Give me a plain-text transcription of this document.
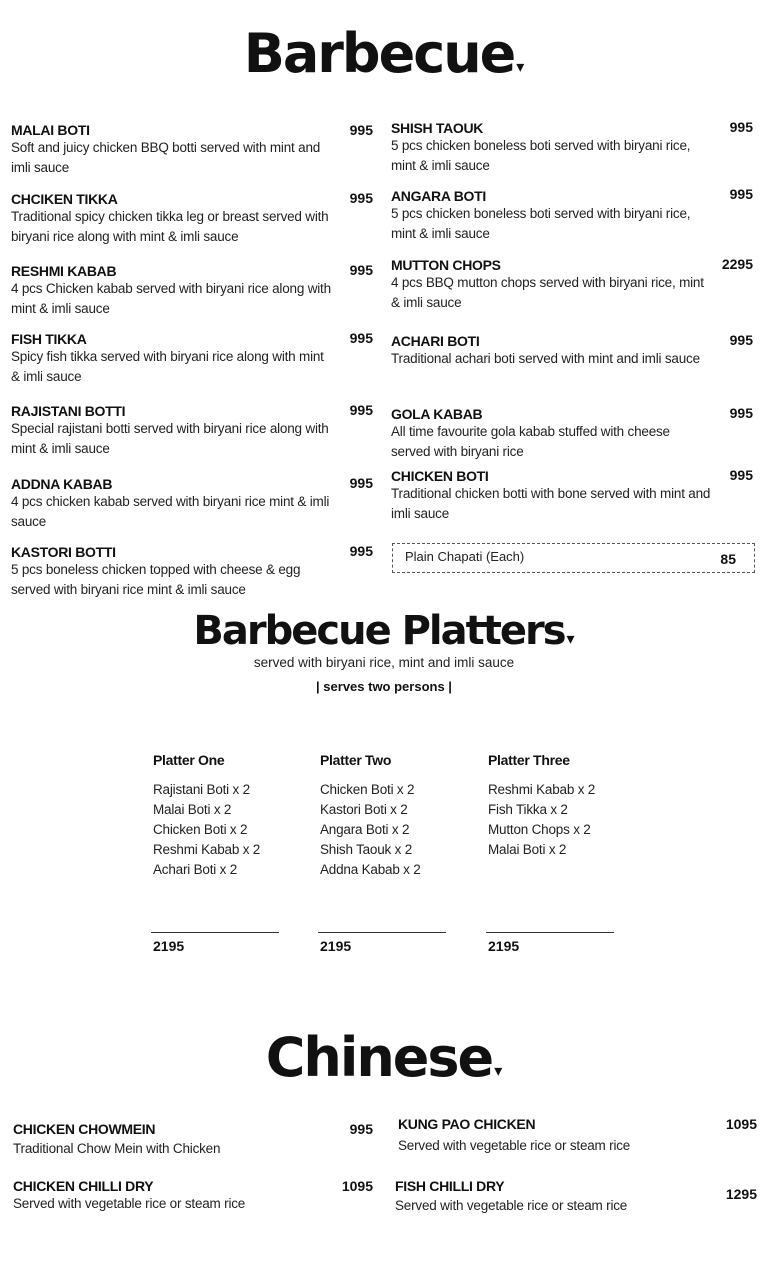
Barbecue ▾
MALAI BOTI
Soft and juicy chicken BBQ botti served with mint and imli sauce
995
CHCIKEN TIKKA
Traditional spicy chicken tikka leg or breast served with biryani rice along with mint & imli sauce
995
RESHMI KABAB
4 pcs Chicken kabab served with biryani rice along with mint & imli sauce
995
FISH TIKKA
Spicy fish tikka served with biryani rice along with mint & imli sauce
995
RAJISTANI BOTTI
Special rajistani botti served with biryani rice along with mint & imli sauce
995
ADDNA KABAB
4 pcs chicken kabab served with biryani rice mint & imli sauce
995
KASTORI BOTTI
5 pcs boneless chicken topped with cheese & egg served with biryani rice mint & imli sauce
995
SHISH TAOUK
5 pcs chicken boneless boti served with biryani rice, mint & imli sauce
995
ANGARA BOTI
5 pcs chicken boneless boti served with biryani rice, mint & imli sauce
995
MUTTON CHOPS
4 pcs BBQ mutton chops served with biryani rice, mint & imli sauce
2295
ACHARI BOTI
Traditional achari boti served with mint and imli sauce
995
GOLA KABAB
All time favourite gola kabab stuffed with cheese served with biryani rice
995
CHICKEN BOTI
Traditional chicken botti with bone served with mint and imli sauce
995
Plain Chapati (Each)	85
Barbecue Platters ▾
served with biryani rice, mint and imli sauce
| serves two persons |
Platter One
Rajistani Boti x 2
Malai Boti x 2
Chicken Boti x 2
Reshmi Kabab x 2
Achari Boti x 2
2195
Platter Two
Chicken Boti x 2
Kastori Boti x 2
Angara Boti x 2
Shish Taouk x 2
Addna Kabab x 2
2195
Platter Three
Reshmi Kabab x 2
Fish Tikka x 2
Mutton Chops x 2
Malai Boti x 2
2195
Chinese ▾
CHICKEN CHOWMEIN
Traditional Chow Mein with Chicken
995
CHICKEN CHILLI DRY
Served with vegetable rice or steam rice
1095
KUNG PAO CHICKEN
Served with vegetable rice or steam rice
1095
FISH CHILLI DRY
Served with vegetable rice or steam rice
1295
